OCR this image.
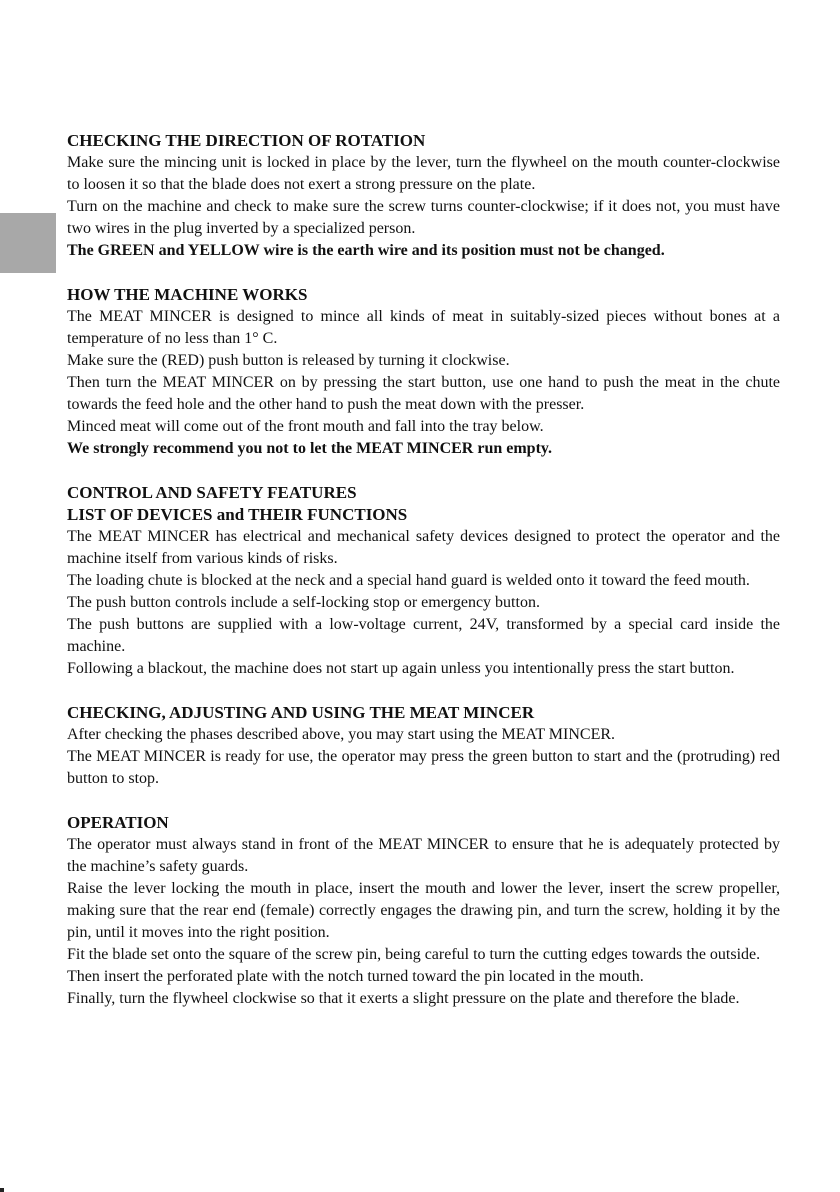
CHECKING THE DIRECTION OF ROTATION

Make sure the mincing unit is locked in place by the lever, turn the flywheel on the mouth counter-clockwise to loosen it so that the blade does not exert a strong pressure on the plate.

Turn on the machine and check to make sure the screw turns counter-clockwise; if it does not, you must have two wires in the plug inverted by a specialized person.

The GREEN and YELLOW wire is the earth wire and its position must not be changed.

HOW THE MACHINE WORKS

The MEAT MINCER is designed to mince all kinds of meat in suitably-sized pieces without bones at a temperature of no less than 1° C.

Make sure the (RED) push button is released by turning it clockwise.

Then turn the MEAT MINCER on by pressing the start button, use one hand to push the meat in the chute towards the feed hole and the other hand to push the meat down with the presser.

Minced meat will come out of the front mouth and fall into the tray below.

We strongly recommend you not to let the MEAT MINCER run empty.

CONTROL AND SAFETY FEATURES
LIST OF DEVICES and THEIR FUNCTIONS

The MEAT MINCER has electrical and mechanical safety devices designed to protect the operator and the machine itself from various kinds of risks.

The loading chute is blocked at the neck and a special hand guard is welded onto it toward the feed mouth.

The push button controls include a self-locking stop or emergency button.

The push buttons are supplied with a low-voltage current, 24V, transformed by a special card inside the machine.

Following a blackout, the machine does not start up again unless you intentionally press the start button.

CHECKING, ADJUSTING AND USING THE MEAT MINCER

After checking the phases described above, you may start using the MEAT MINCER.

The MEAT MINCER is ready for use, the operator may press the green button to start and the (protruding) red button to stop.

OPERATION

The operator must always stand in front of the MEAT MINCER to ensure that he is adequately protected by the machine’s safety guards.

Raise the lever locking the mouth in place, insert the mouth and lower the lever, insert the screw propeller, making sure that the rear end (female) correctly engages the drawing pin, and turn the screw, holding it by the pin, until it moves into the right position.

Fit the blade set onto the square of the screw pin, being careful to turn the cutting edges towards the outside.

Then insert the perforated plate with the notch turned toward the pin located in the mouth.

Finally, turn the flywheel clockwise so that it exerts a slight pressure on the plate and therefore the blade.
